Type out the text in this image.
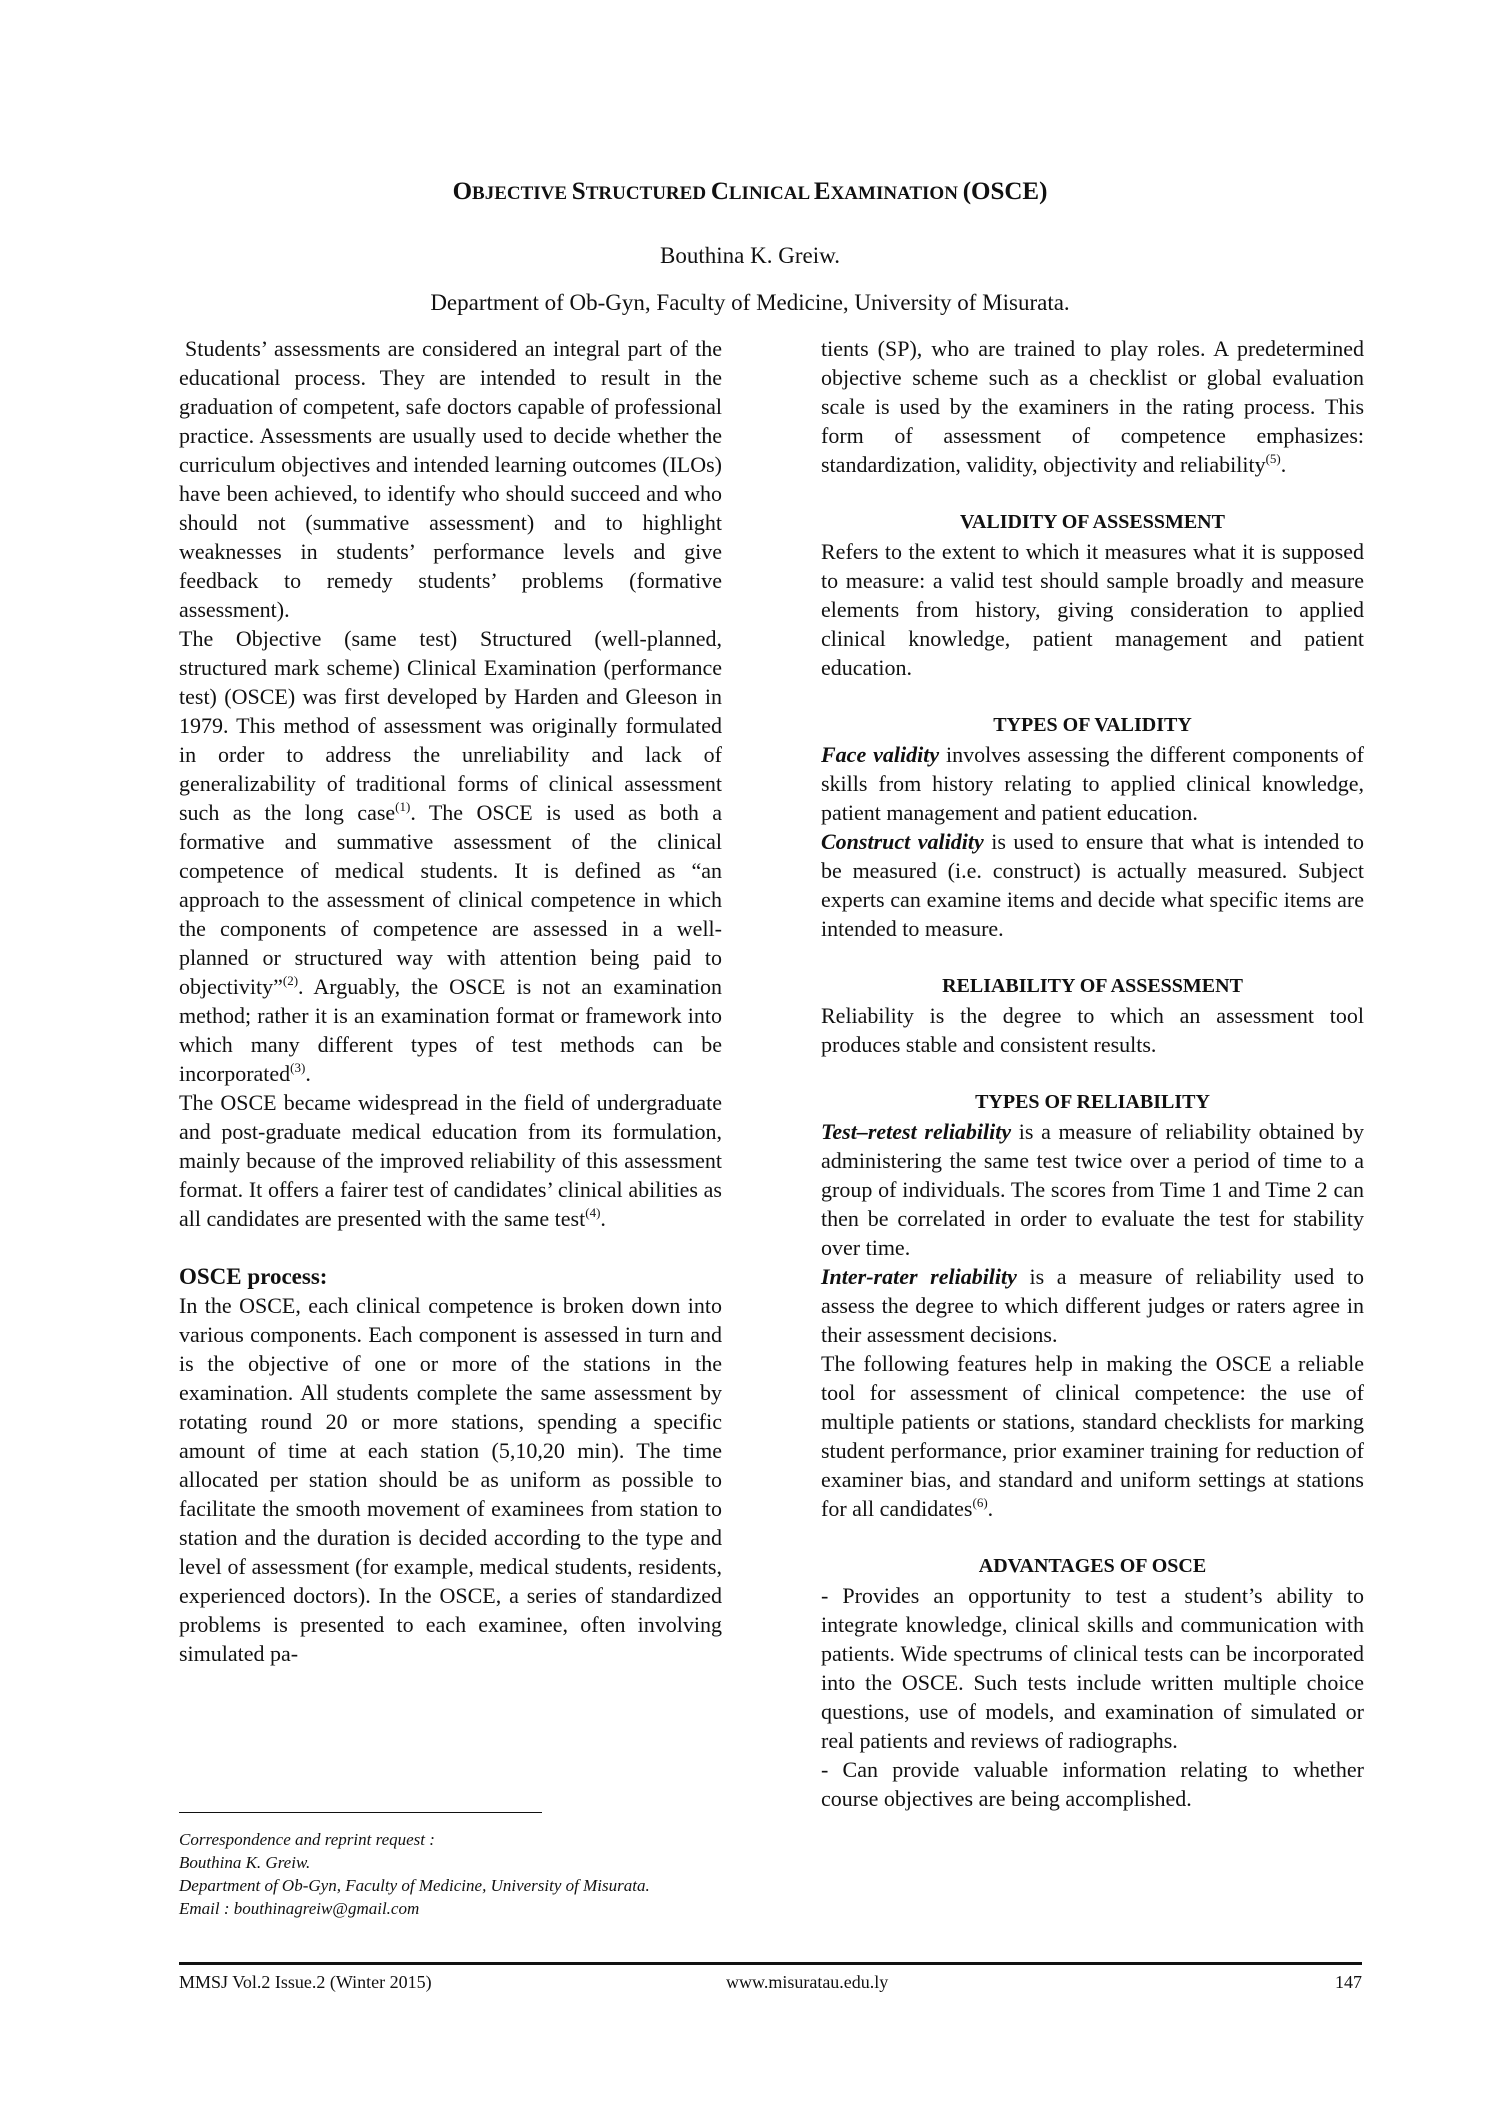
OBJECTIVE STRUCTURED CLINICAL EXAMINATION (OSCE)
Bouthina K. Greiw.
Department of Ob-Gyn, Faculty of Medicine, University of Misurata.

Students’ assessments are considered an integral part of the educational process. They are intended to result in the graduation of competent, safe doctors capable of professional practice. Assessments are usually used to decide whether the curriculum objectives and intended learning outcomes (ILOs) have been achieved, to identify who should succeed and who should not (summative assessment) and to highlight weaknesses in students’ performance levels and give feedback to remedy students’ problems (formative assessment).

The Objective (same test) Structured (well-planned, structured mark scheme) Clinical Examination (performance test) (OSCE) was first developed by Harden and Gleeson in 1979. This method of assessment was originally formulated in order to address the unreliability and lack of generalizability of traditional forms of clinical assessment such as the long case$^{(1)}$. The OSCE is used as both a formative and summative assessment of the clinical competence of medical students. It is defined as “an approach to the assessment of clinical competence in which the components of competence are assessed in a well-planned or structured way with attention being paid to objectivity”$^{(2)}$. Arguably, the OSCE is not an examination method; rather it is an examination format or framework into which many different types of test methods can be incorporated$^{(3)}$.

The OSCE became widespread in the field of undergraduate and post-graduate medical education from its formulation, mainly because of the improved reliability of this assessment format. It offers a fairer test of candidates’ clinical abilities as all candidates are presented with the same test$^{(4)}$.

OSCE process:

In the OSCE, each clinical competence is broken down into various components. Each component is assessed in turn and is the objective of one or more of the stations in the examination. All students complete the same assessment by rotating round 20 or more stations, spending a specific amount of time at each station (5,10,20 min). The time allocated per station should be as uniform as possible to facilitate the smooth movement of examinees from station to station and the duration is decided according to the type and level of assessment (for example, medical students, residents, experienced doctors). In the OSCE, a series of standardized problems is presented to each examinee, often involving simulated pa-

Correspondence and reprint request :
Bouthina K. Greiw.
Department of Ob-Gyn, Faculty of Medicine, University of Misurata.
Email : bouthinagreiw@gmail.com

tients (SP), who are trained to play roles. A predetermined objective scheme such as a checklist or global evaluation scale is used by the examiners in the rating process. This form of assessment of competence emphasizes: standardization, validity, objectivity and reliability$^{(5)}$.

VALIDITY OF ASSESSMENT

Refers to the extent to which it measures what it is supposed to measure: a valid test should sample broadly and measure elements from history, giving consideration to applied clinical knowledge, patient management and patient education.

TYPES OF VALIDITY

Face validity involves assessing the different components of skills from history relating to applied clinical knowledge, patient management and patient education.

Construct validity is used to ensure that what is intended to be measured (i.e. construct) is actually measured. Subject experts can examine items and decide what specific items are intended to measure.

RELIABILITY OF ASSESSMENT

Reliability is the degree to which an assessment tool produces stable and consistent results.

TYPES OF RELIABILITY

Test–retest reliability is a measure of reliability obtained by administering the same test twice over a period of time to a group of individuals. The scores from Time 1 and Time 2 can then be correlated in order to evaluate the test for stability over time.

Inter-rater reliability is a measure of reliability used to assess the degree to which different judges or raters agree in their assessment decisions.

The following features help in making the OSCE a reliable tool for assessment of clinical competence: the use of multiple patients or stations, standard checklists for marking student performance, prior examiner training for reduction of examiner bias, and standard and uniform settings at stations for all candidates$^{(6)}$.

ADVANTAGES OF OSCE

- Provides an opportunity to test a student’s ability to integrate knowledge, clinical skills and communication with patients. Wide spectrums of clinical tests can be incorporated into the OSCE. Such tests include written multiple choice questions, use of models, and examination of simulated or real patients and reviews of radiographs.

- Can provide valuable information relating to whether course objectives are being accomplished.

MMSJ Vol.2 Issue.2 (Winter 2015)	www.misuratau.edu.ly	147
